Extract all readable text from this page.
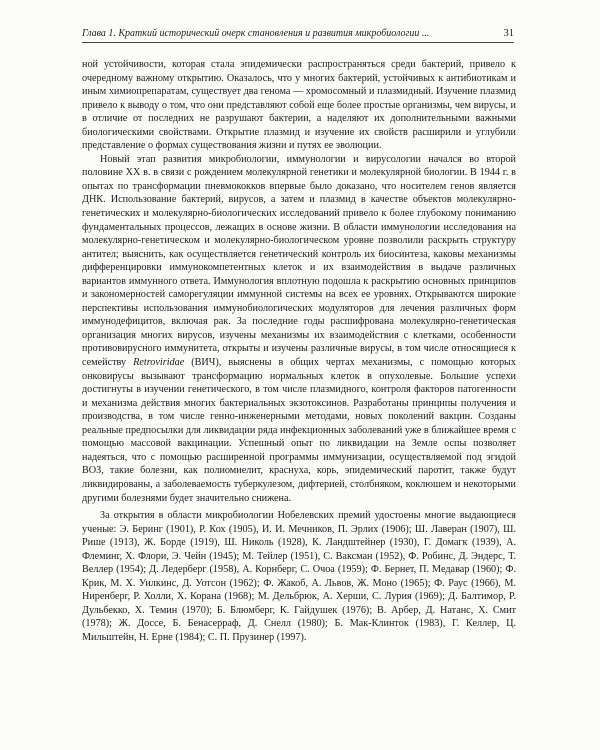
Глава 1. Краткий исторический очерк становления и развития микробиологии ...	31

ной устойчивости, которая стала эпидемически распространяться среди бактерий, привело к очередному важному открытию. Оказалось, что у многих бактерий, устойчивых к антибиотикам и иным химиопрепаратам, существует два генома — хромосомный и плазмидный. Изучение плазмид привело к выводу о том, что они представляют собой еще более простые организмы, чем вирусы, и в отличие от последних не разрушают бактерии, а наделяют их дополнительными важными биологическими свойствами. Открытие плазмид и изучение их свойств расширили и углубили представление о формах существования жизни и путях ее эволюции.

Новый этап развития микробиологии, иммунологии и вирусологии начался во второй половине XX в. в связи с рождением молекулярной генетики и молекулярной биологии. В 1944 г. в опытах по трансформации пневмококков впервые было доказано, что носителем генов является ДНК. Использование бактерий, вирусов, а затем и плазмид в качестве объектов молекулярно-генетических и молекулярно-биологических исследований привело к более глубокому пониманию фундаментальных процессов, лежащих в основе жизни. В области иммунологии исследования на молекулярно-генетическом и молекулярно-биологическом уровне позволили раскрыть структуру антител; выяснить, как осуществляется генетический контроль их биосинтеза, каковы механизмы дифференцировки иммунокомпетентных клеток и их взаимодействия в выдаче различных вариантов иммунного ответа. Иммунология вплотную подошла к раскрытию основных принципов и закономерностей саморегуляции иммунной системы на всех ее уровнях. Открываются широкие перспективы использования иммунобиологических модуляторов для лечения различных форм иммунодефицитов, включая рак. За последние годы расшифрована молекулярно-генетическая организация многих вирусов, изучены механизмы их взаимодействия с клетками, особенности противовирусного иммунитета, открыты и изучены различные вирусы, в том числе относящиеся к семейству Retroviridae (ВИЧ), выяснены в общих чертах механизмы, с помощью которых онковирусы вызывают трансформацию нормальных клеток в опухолевые. Большие успехи достигнуты в изучении генетического, в том числе плазмидного, контроля факторов патогенности и механизма действия многих бактериальных экзотоксинов. Разработаны принципы получения и производства, в том числе генно-инженерными методами, новых поколений вакцин. Созданы реальные предпосылки для ликвидации ряда инфекционных заболеваний уже в ближайшее время с помощью массовой вакцинации. Успешный опыт по ликвидации на Земле оспы позволяет надеяться, что с помощью расширенной программы иммунизации, осуществляемой под эгидой ВОЗ, такие болезни, как полиомиелит, краснуха, корь, эпидемический паротит, также будут ликвидированы, а заболеваемость туберкулезом, дифтерией, столбняком, коклюшем и некоторыми другими болезнями будет значительно снижена.

За открытия в области микробиологии Нобелевских премий удостоены многие выдающиеся ученые: Э. Беринг (1901), Р. Кох (1905), И. И. Мечников, П. Эрлих (1906); Ш. Лаверан (1907), Ш. Рише (1913), Ж. Борде (1919), Ш. Николь (1928), К. Ландштейнер (1930), Г. Домагк (1939), А. Флеминг, Х. Флори, Э. Чейн (1945); М. Тейлер (1951), С. Ваксман (1952), Ф. Робинс, Д. Эндерс, Т. Веллер (1954); Д. Ледерберг (1958), А. Корнберг, С. Очоа (1959); Ф. Бернет, П. Медавар (1960); Ф. Крик, М. Х. Уилкинс, Д. Уотсон (1962); Ф. Жакоб, А. Львов, Ж. Моно (1965); Ф. Раус (1966), М. Ниренберг, Р. Холли, Х. Корана (1968); М. Дельбрюк, А. Херши, С. Лурия (1969); Д. Балтимор, Р. Дульбекко, Х. Темин (1970); Б. Блюмберг, К. Гайдушек (1976); В. Арбер, Д. Натанс, Х. Смит (1978); Ж. Доссе, Б. Бенасерраф, Д. Снелл (1980); Б. Мак-Клинток (1983), Г. Келлер, Ц. Мильштейн, Н. Ерне (1984); С. П. Прузинер (1997).
